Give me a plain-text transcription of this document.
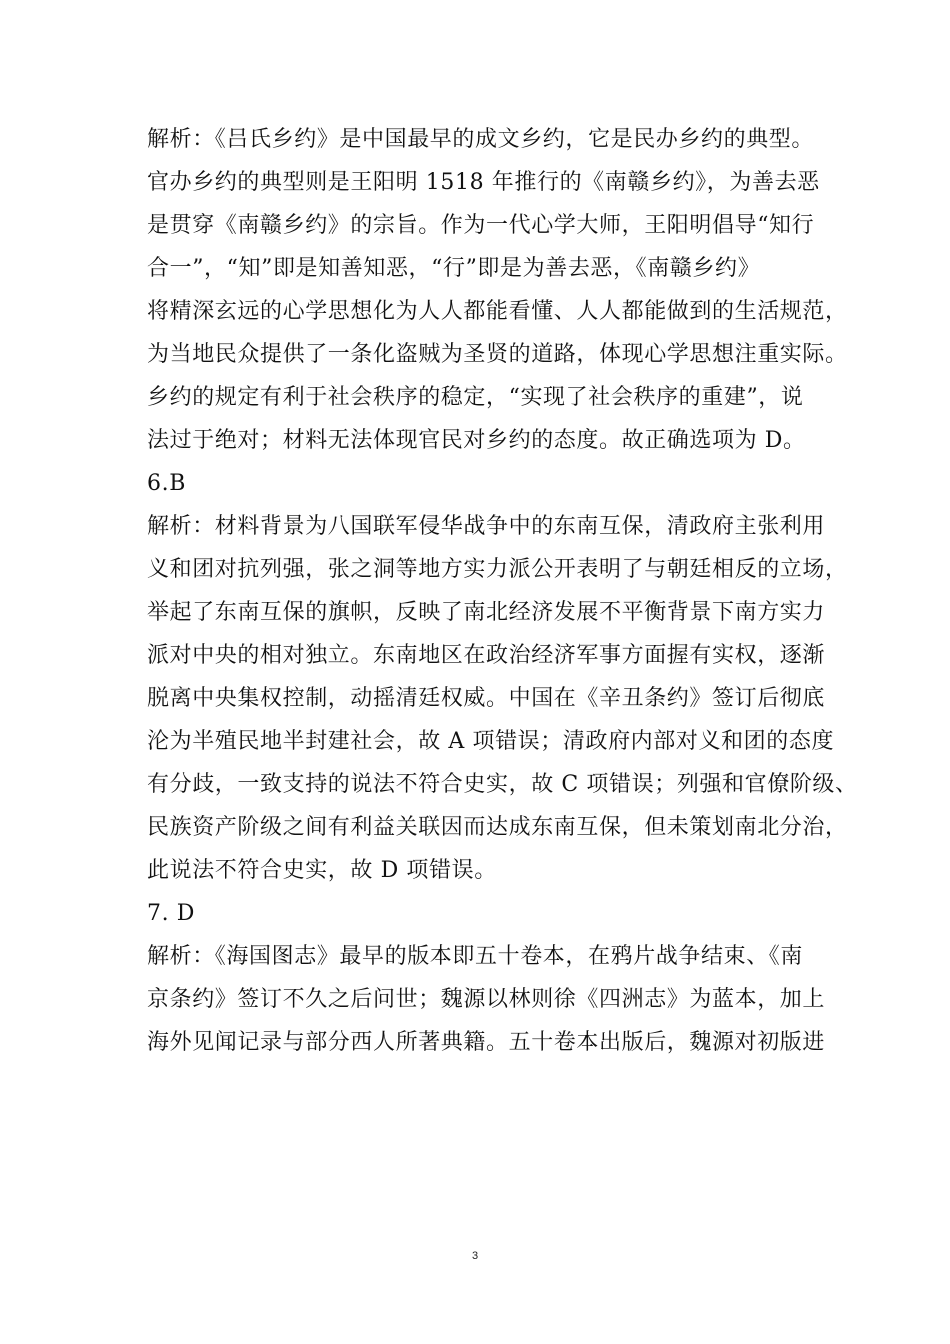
解析：《吕氏乡约》是中国最早的成文乡约，它是民办乡约的典型。
官办乡约的典型则是王阳明 1518 年推行的《南赣乡约》，为善去恶
是贯穿《南赣乡约》的宗旨。作为一代心学大师，王阳明倡导“知行
合一”，“知”即是知善知恶，“行”即是为善去恶，《南赣乡约》
将精深玄远的心学思想化为人人都能看懂、人人都能做到的生活规范，
为当地民众提供了一条化盗贼为圣贤的道路，体现心学思想注重实际。
乡约的规定有利于社会秩序的稳定，“实现了社会秩序的重建”，说
法过于绝对；材料无法体现官民对乡约的态度。故正确选项为 D。
6.B
解析：材料背景为八国联军侵华战争中的东南互保，清政府主张利用
义和团对抗列强，张之洞等地方实力派公开表明了与朝廷相反的立场，
举起了东南互保的旗帜，反映了南北经济发展不平衡背景下南方实力
派对中央的相对独立。东南地区在政治经济军事方面握有实权，逐渐
脱离中央集权控制，动摇清廷权威。中国在《辛丑条约》签订后彻底
沦为半殖民地半封建社会，故 A 项错误；清政府内部对义和团的态度
有分歧，一致支持的说法不符合史实，故 C 项错误；列强和官僚阶级、
民族资产阶级之间有利益关联因而达成东南互保，但未策划南北分治，
此说法不符合史实，故 D 项错误。
7. D
解析：《海国图志》最早的版本即五十卷本，在鸦片战争结束、《南
京条约》签订不久之后问世；魏源以林则徐《四洲志》为蓝本，加上
海外见闻记录与部分西人所著典籍。五十卷本出版后，魏源对初版进
3
